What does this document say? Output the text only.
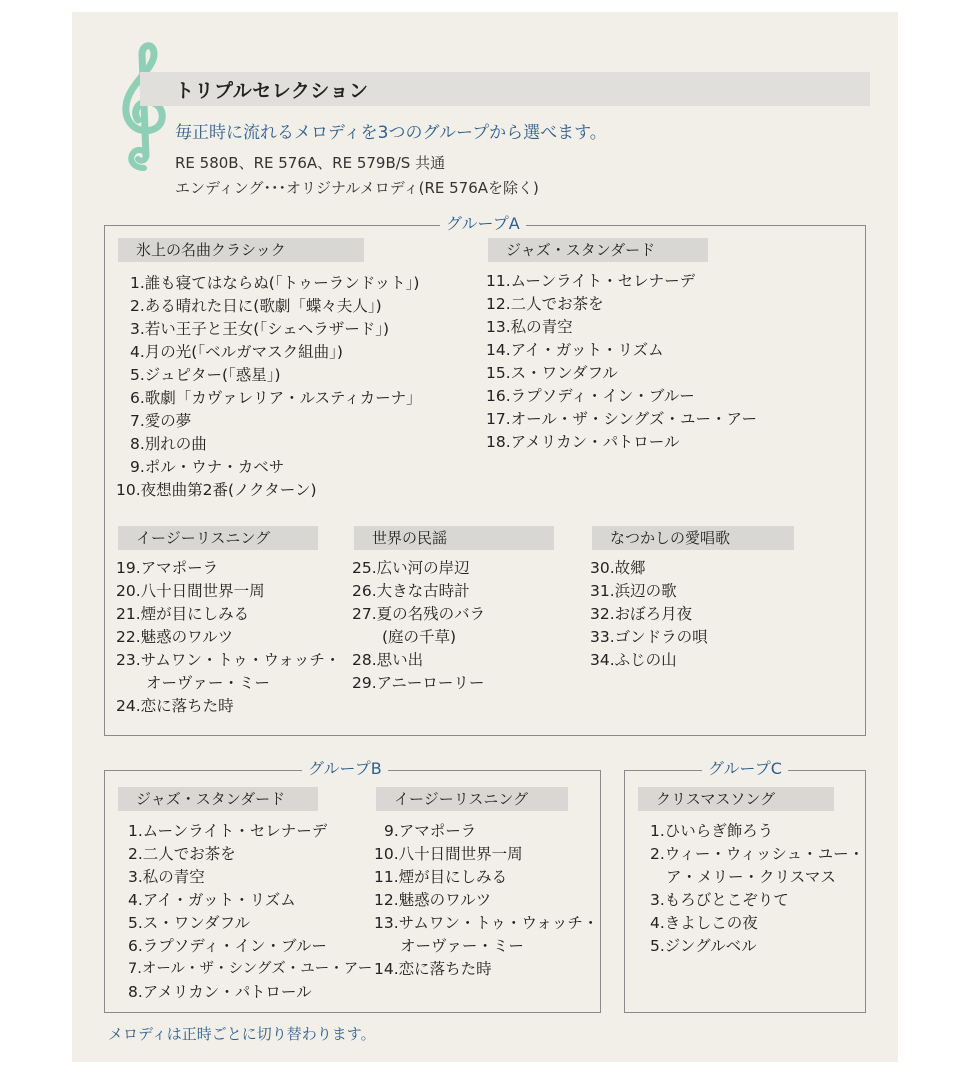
トリプルセレクション
毎正時に流れるメロディを3つのグループから選べます。
RE 580B、RE 576A、RE 579B/S 共通
エンディング･･･オリジナルメロディ(RE 576Aを除く)
グループA
氷上の名曲クラシック
1.誰も寝てはならぬ(「トゥーランドット」)
2.ある晴れた日に(歌劇「蝶々夫人」)
3.若い王子と王女(「シェヘラザード」)
4.月の光(「ベルガマスク組曲」)
5.ジュピター(「惑星」)
6.歌劇「カヴァレリア・ルスティカーナ」
7.愛の夢
8.別れの曲
9.ポル・ウナ・カベサ
10.夜想曲第2番(ノクターン)
ジャズ・スタンダード
11.ムーンライト・セレナーデ
12.二人でお茶を
13.私の青空
14.アイ・ガット・リズム
15.ス・ワンダフル
16.ラプソディ・イン・ブルー
17.オール・ザ・シングズ・ユー・アー
18.アメリカン・パトロール
イージーリスニング
19.アマポーラ
20.八十日間世界一周
21.煙が目にしみる
22.魅惑のワルツ
23.サムワン・トゥ・ウォッチ・
オーヴァー・ミー
24.恋に落ちた時
世界の民謡
25.広い河の岸辺
26.大きな古時計
27.夏の名残のバラ
(庭の千草)
28.思い出
29.アニーローリー
なつかしの愛唱歌
30.故郷
31.浜辺の歌
32.おぼろ月夜
33.ゴンドラの唄
34.ふじの山
グループB
ジャズ・スタンダード
1.ムーンライト・セレナーデ
2.二人でお茶を
3.私の青空
4.アイ・ガット・リズム
5.ス・ワンダフル
6.ラプソディ・イン・ブルー
7.オール・ザ・シングズ・ユー・アー
8.アメリカン・パトロール
イージーリスニング
9.アマポーラ
10.八十日間世界一周
11.煙が目にしみる
12.魅惑のワルツ
13.サムワン・トゥ・ウォッチ・
オーヴァー・ミー
14.恋に落ちた時
グループC
クリスマスソング
1.ひいらぎ飾ろう
2.ウィー・ウィッシュ・ユー・
ア・メリー・クリスマス
3.もろびとこぞりて
4.きよしこの夜
5.ジングルベル
メロディは正時ごとに切り替わります。
